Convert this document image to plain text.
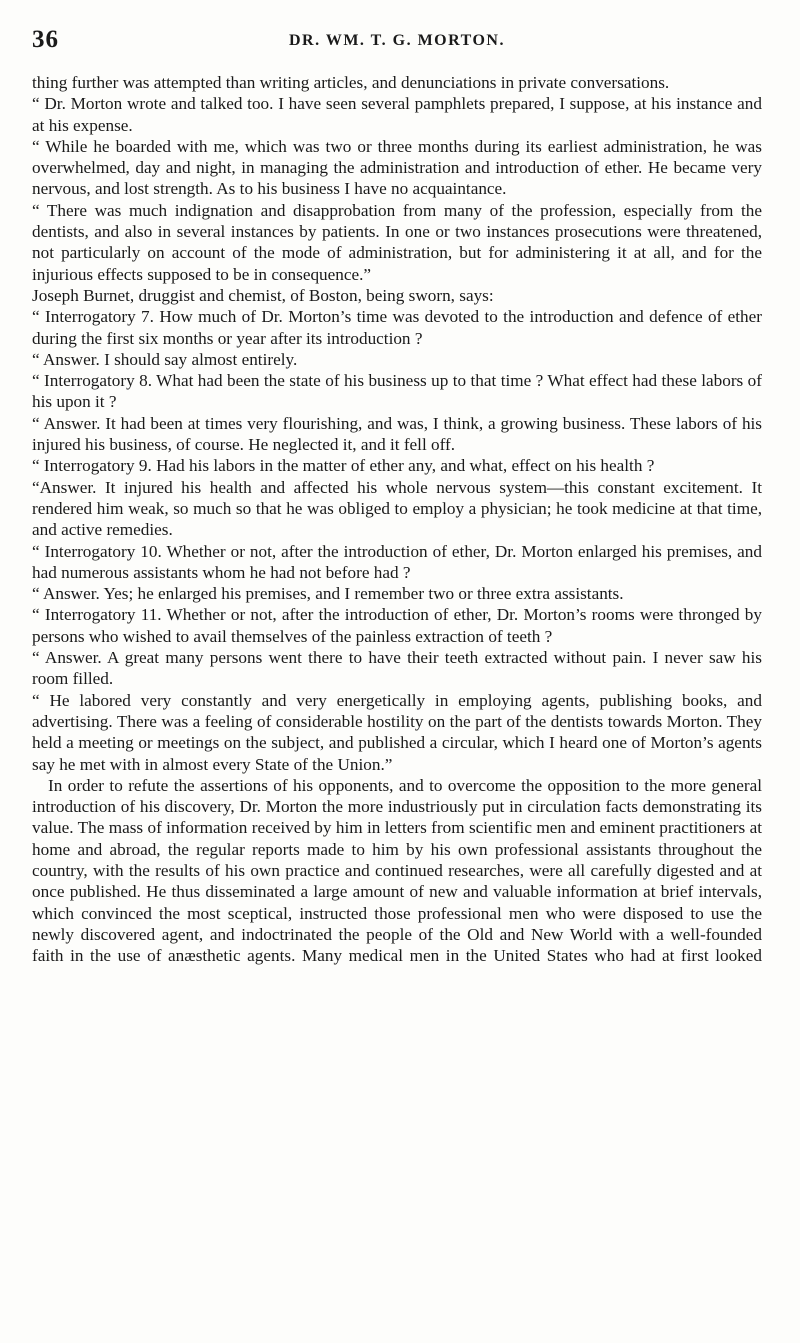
36	DR. WM. T. G. MORTON.

thing further was attempted than writing articles, and denunciations in private conversations.

“ Dr. Morton wrote and talked too. I have seen several pamphlets prepared, I suppose, at his instance and at his expense.

“ While he boarded with me, which was two or three months during its earliest administration, he was overwhelmed, day and night, in managing the administration and introduction of ether. He became very nervous, and lost strength. As to his business I have no acquaintance.

“ There was much indignation and disapprobation from many of the profession, especially from the dentists, and also in several instances by patients. In one or two instances prosecutions were threatened, not particularly on account of the mode of administration, but for administering it at all, and for the injurious effects supposed to be in consequence.”

Joseph Burnet, druggist and chemist, of Boston, being sworn, says:

“ Interrogatory 7. How much of Dr. Morton’s time was devoted to the introduction and defence of ether during the first six months or year after its introduction ?

“ Answer. I should say almost entirely.

“ Interrogatory 8. What had been the state of his business up to that time ? What effect had these labors of his upon it ?

“ Answer. It had been at times very flourishing, and was, I think, a growing business. These labors of his injured his business, of course. He neglected it, and it fell off.

“ Interrogatory 9. Had his labors in the matter of ether any, and what, effect on his health ?

“Answer. It injured his health and affected his whole nervous system—this constant excitement. It rendered him weak, so much so that he was obliged to employ a physician; he took medicine at that time, and active remedies.

“ Interrogatory 10. Whether or not, after the introduction of ether, Dr. Morton enlarged his premises, and had numerous assistants whom he had not before had ?

“ Answer. Yes; he enlarged his premises, and I remember two or three extra assistants.

“ Interrogatory 11. Whether or not, after the introduction of ether, Dr. Morton’s rooms were thronged by persons who wished to avail themselves of the painless extraction of teeth ?

“ Answer. A great many persons went there to have their teeth extracted without pain. I never saw his room filled.

“ He labored very constantly and very energetically in employing agents, publishing books, and advertising. There was a feeling of considerable hostility on the part of the dentists towards Morton. They held a meeting or meetings on the subject, and published a circular, which I heard one of Morton’s agents say he met with in almost every State of the Union.”

In order to refute the assertions of his opponents, and to overcome the opposition to the more general introduction of his discovery, Dr. Morton the more industriously put in circulation facts demonstrating its value. The mass of information received by him in letters from scientific men and eminent practitioners at home and abroad, the regular reports made to him by his own professional assistants throughout the country, with the results of his own practice and continued researches, were all carefully digested and at once published. He thus disseminated a large amount of new and valuable information at brief intervals, which convinced the most sceptical, instructed those professional men who were disposed to use the newly discovered agent, and indoctrinated the people of the Old and New World with a well-founded faith in the use of anæsthetic agents. Many medical men in the United States who had at first looked
